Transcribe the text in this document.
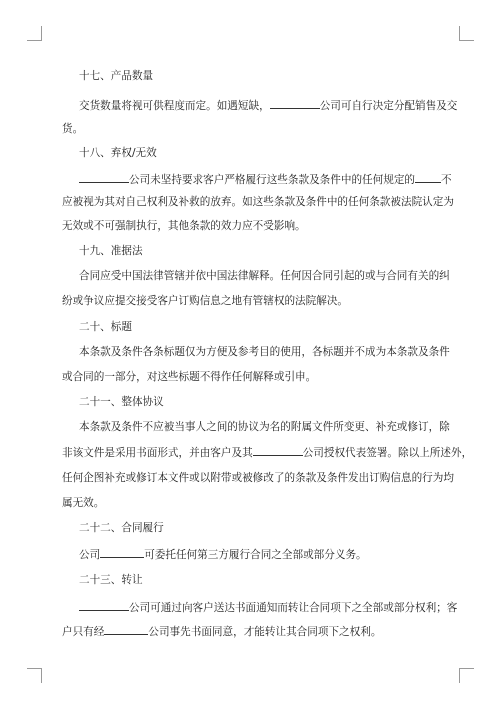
十七、产品数量
交货数量将视可供程度而定。如遇短缺，	公司可自行决定分配销售及交
货。
十八、弃权/无效
公司未坚持要求客户严格履行这些条款及条件中的任何规定的 不
应被视为其对自己权利及补救的放弃。如这些条款及条件中的任何条款被法院认定为
无效或不可强制执行，其他条款的效力应不受影响。
十九、准据法
合同应受中国法律管辖并依中国法律解释。任何因合同引起的或与合同有关的纠
纷或争议应提交接受客户订购信息之地有管辖权的法院解决。
二十、标题
本条款及条件各条标题仅为方便及参考目的使用，各标题并不成为本条款及条件
或合同的一部分，对这些标题不得作任何解释或引申。
二十一、整体协议
本条款及条件不应被当事人之间的协议为名的附属文件所变更、补充或修订，除
非该文件是采用书面形式，并由客户及其	公司授权代表签署。除以上所述外，
任何企图补充或修订本文件或以附带或被修改了的条款及条件发出订购信息的行为均
属无效。
二十二、合同履行
公司	可委托任何第三方履行合同之全部或部分义务。
二十三、转让
公司可通过向客户送达书面通知而转让合同项下之全部或部分权利；客
户只有经	公司事先书面同意，才能转让其合同项下之权利。
